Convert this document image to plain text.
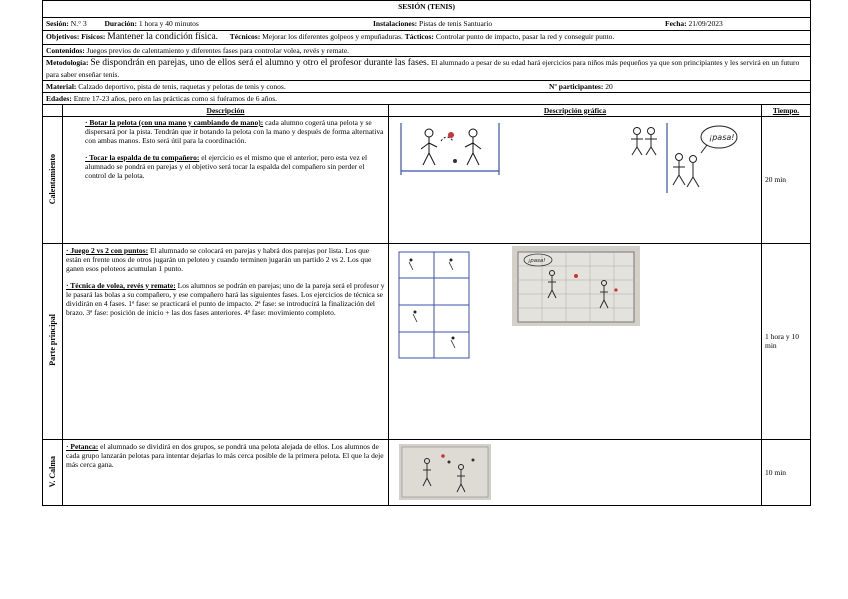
SESIÓN (TENIS)			
Sesión: N.° 3 Duración: 1 hora y 40 minutos Instalaciones: Pistas de tenis Santuario Fecha: 21/09/2023			

Objetivos: Físicos: Mantener la condición física. Técnicos: Mejorar los diferentes golpeos y empuñaduras. Tácticos: Controlar punto de impacto, pasar la red y conseguir punto.			
Contenidos: Juegos previos de calentamiento y diferentes fases para controlar volea, revés y remate.			
Metodología: Se dispondrán en parejas, uno de ellos será el alumno y otro el profesor durante las fases. El alumnado a pesar de su edad hará ejercicios para niños más pequeños ya que son principiantes y les servirá en un futuro para saber enseñar tenis.			
Material: Calzado deportivo, pista de tenis, raquetas y pelotas de tenis y conos. Nº participantes: 20			

Edades: Entre 17-23 años, pero en las prácticas como si fuéramos de 6 años.			
	Descripción	Descripción gráfica	Tiempo.
Calentamiento	· Botar la pelota (con una mano y cambiando de mano): cada alumno cogerá una pelota y se dispersará por la pista. Tendrán que ir botando la pelota con la mano y después de forma alternativa con ambas manos. Esto será útil para la coordinación.
· Tocar la espalda de tu compañero: el ejercicio es el mismo que el anterior, pero esta vez el alumnado se pondrá en parejas y el objetivo será tocar la espalda del compañero sin perder el control de la pelota.	¡pasa!	20 min
Parte principal	· Juego 2 vs 2 con puntos: El alumnado se colocará en parejas y habrá dos parejas por lista. Los que están en frente unos de otros jugarán un peloteo y cuando terminen jugarán un partido 2 vs 2. Los que ganen esos peloteos acumulan 1 punto.
· Técnica de volea, revés y remate: Los alumnos se podrán en parejas; uno de la pareja será el profesor y le pasará las bolas a su compañero, y ese compañero hará las siguientes fases. Los ejercicios de técnica se dividirán en 4 fases. 1ª fase: se practicará el punto de impacto. 2ª fase: se introducirá la finalización del brazo. 3ª fase: posición de inicio + las dos fases anteriores. 4ª fase: movimiento completo.	¡pasa!	1 hora y 10 min
V. Calma	· Petanca: el alumnado se dividirá en dos grupos, se pondrá una pelota alejada de ellos. Los alumnos de cada grupo lanzarán pelotas para intentar dejarlas lo más cerca posible de la primera pelota. El que la deje más cerca gana.		10 min
